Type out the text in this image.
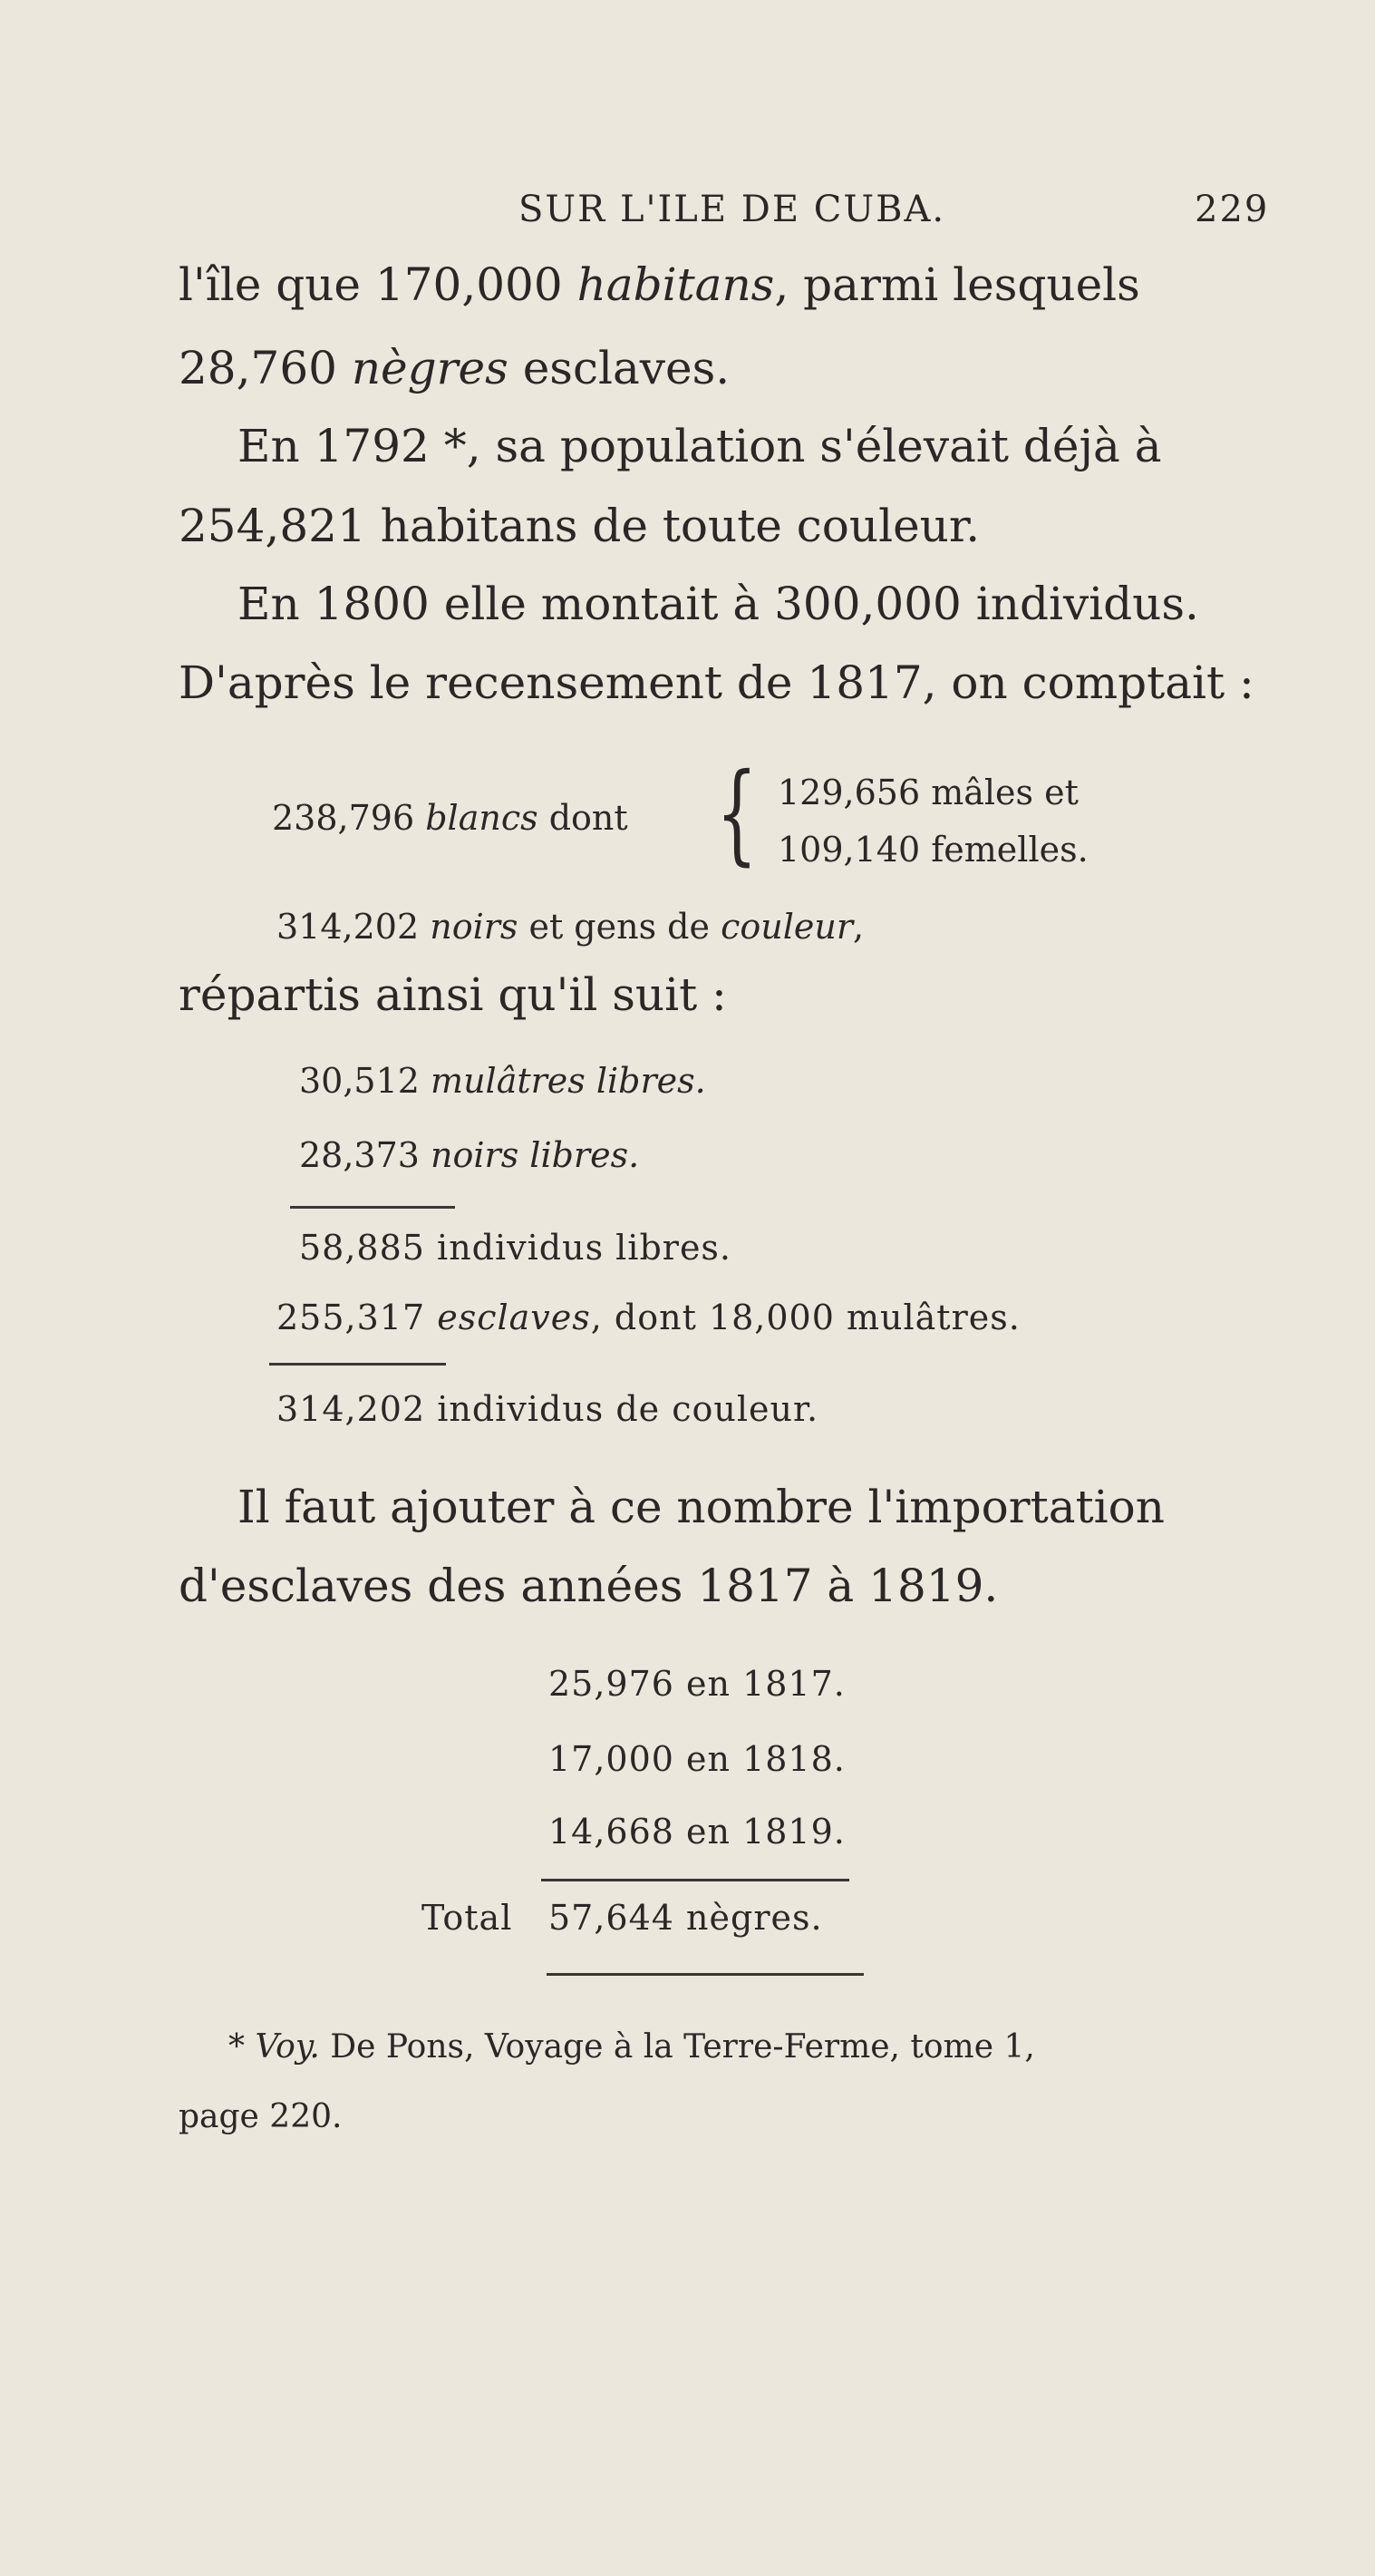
SUR L'ILE DE CUBA.	229
l'île que 170,000 habitans, parmi lesquels
28,760 nègres esclaves.
En 1792 *, sa population s'élevait déjà à
254,821 habitans de toute couleur.
En 1800 elle montait à 300,000 individus.
D'après le recensement de 1817, on comptait :
238,796 blancs dont { 129,656 mâles et
109,140 femelles.
314,202 noirs et gens de couleur,
répartis ainsi qu'il suit :
30,512 mulâtres libres.
28,373 noirs libres.
58,885 individus libres.
255,317 esclaves, dont 18,000 mulâtres.
314,202 individus de couleur.
Il faut ajouter à ce nombre l'importation
d'esclaves des années 1817 à 1819.
25,976 en 1817.
17,000 en 1818.
14,668 en 1819.
Total 57,644 nègres.
* Voy. De Pons, Voyage à la Terre-Ferme, tome 1,
page 220.
